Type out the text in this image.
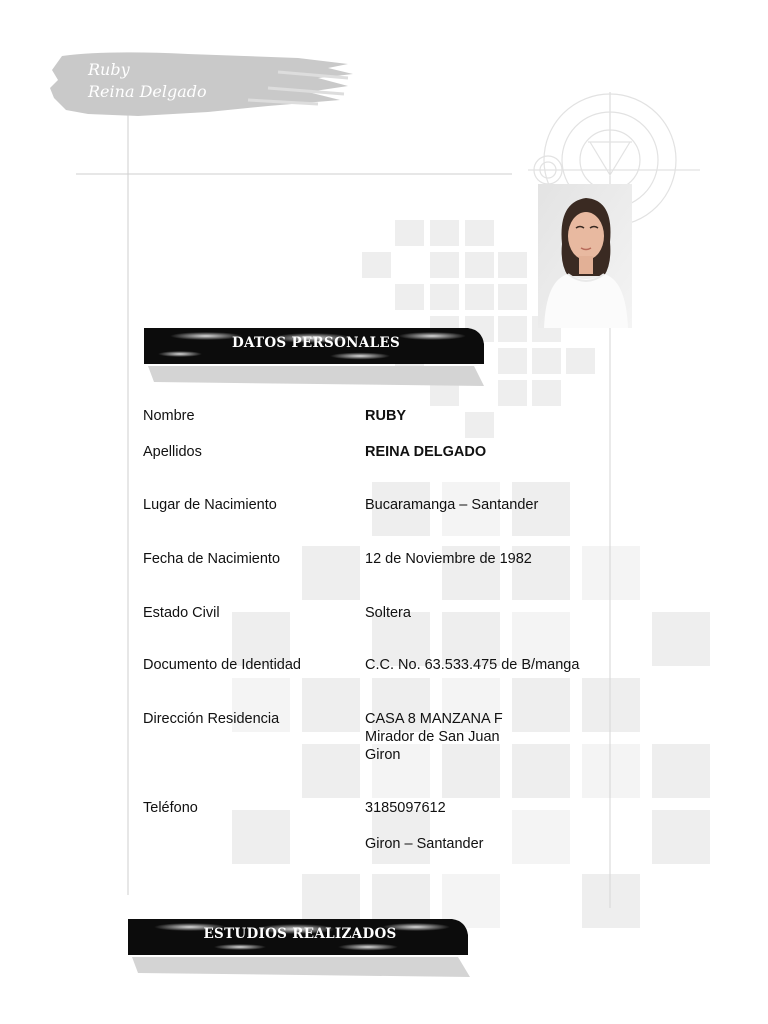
Ruby
Reina Delgado
DATOS PERSONALES
Nombre	RUBY
Apellidos	REINA DELGADO
Lugar de Nacimiento	Bucaramanga – Santander
Fecha de Nacimiento	12 de Noviembre de 1982
Estado Civil	Soltera
Documento de Identidad	C.C. No. 63.533.475 de B/manga
Dirección Residencia	CASA 8 MANZANA F
Mirador de San Juan
Giron
Teléfono	3185097612
Giron – Santander
ESTUDIOS REALIZADOS
